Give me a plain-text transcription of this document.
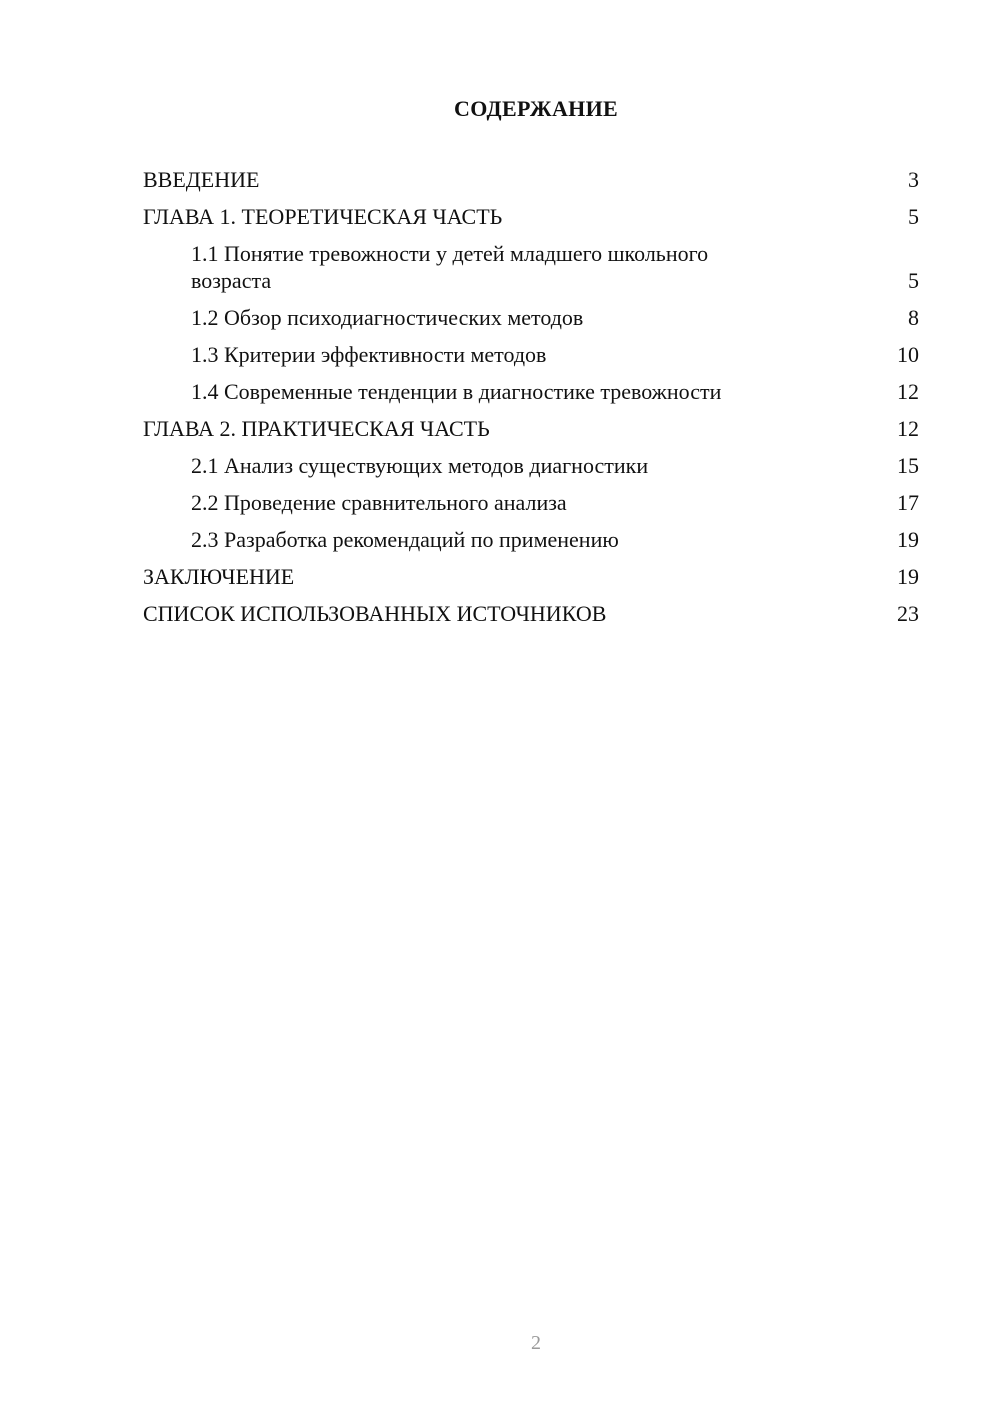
СОДЕРЖАНИЕ
ВВЕДЕНИЕ	3
ГЛАВА 1. ТЕОРЕТИЧЕСКАЯ ЧАСТЬ	5
1.1 Понятие тревожности у детей младшего школьного возраста	5
1.2 Обзор психодиагностических методов	8
1.3 Критерии эффективности методов	10
1.4 Современные тенденции в диагностике тревожности	12
ГЛАВА 2. ПРАКТИЧЕСКАЯ ЧАСТЬ	12
2.1 Анализ существующих методов диагностики	15
2.2 Проведение сравнительного анализа	17
2.3 Разработка рекомендаций по применению	19
ЗАКЛЮЧЕНИЕ	19
СПИСОК ИСПОЛЬЗОВАННЫХ ИСТОЧНИКОВ	23
2
